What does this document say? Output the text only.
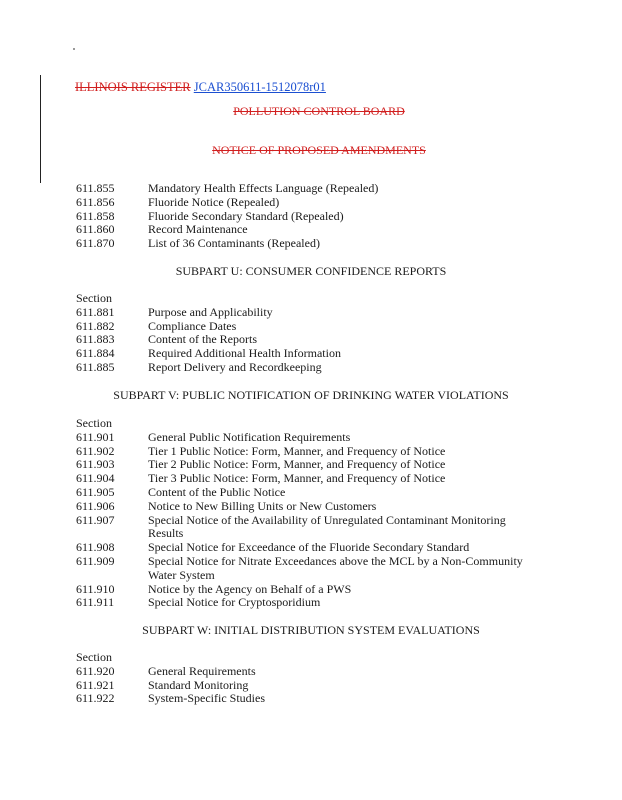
ILLINOIS REGISTER JCAR350611-1512078r01
POLLUTION CONTROL BOARD
NOTICE OF PROPOSED AMENDMENTS
611.855	Mandatory Health Effects Language (Repealed)
611.856	Fluoride Notice (Repealed)
611.858	Fluoride Secondary Standard (Repealed)
611.860	Record Maintenance
611.870	List of 36 Contaminants (Repealed)
SUBPART U: CONSUMER CONFIDENCE REPORTS
Section
611.881	Purpose and Applicability
611.882	Compliance Dates
611.883	Content of the Reports
611.884	Required Additional Health Information
611.885	Report Delivery and Recordkeeping
SUBPART V: PUBLIC NOTIFICATION OF DRINKING WATER VIOLATIONS
Section
611.901	General Public Notification Requirements
611.902	Tier 1 Public Notice: Form, Manner, and Frequency of Notice
611.903	Tier 2 Public Notice: Form, Manner, and Frequency of Notice
611.904	Tier 3 Public Notice: Form, Manner, and Frequency of Notice
611.905	Content of the Public Notice
611.906	Notice to New Billing Units or New Customers
611.907	Special Notice of the Availability of Unregulated Contaminant Monitoring
Results
611.908	Special Notice for Exceedance of the Fluoride Secondary Standard
611.909	Special Notice for Nitrate Exceedances above the MCL by a Non-Community
Water System
611.910	Notice by the Agency on Behalf of a PWS
611.911	Special Notice for Cryptosporidium
SUBPART W: INITIAL DISTRIBUTION SYSTEM EVALUATIONS
Section
611.920	General Requirements
611.921	Standard Monitoring
611.922	System-Specific Studies
